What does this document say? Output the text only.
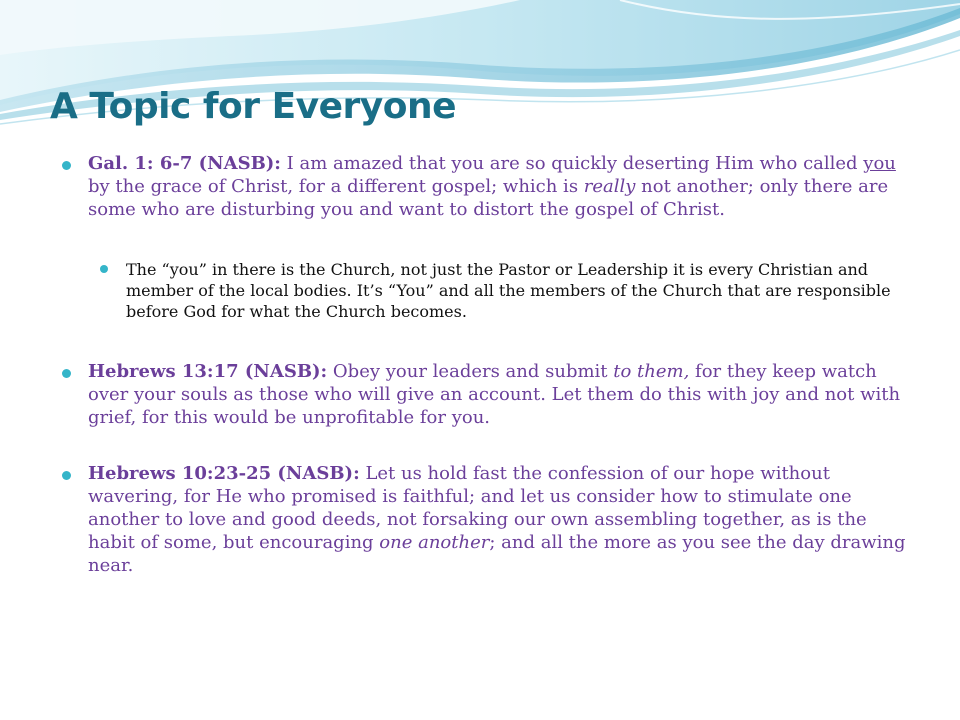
A Topic for Everyone
Gal. 1: 6-7 (NASB): I am amazed that you are so quickly deserting Him who called you by the grace of Christ, for a different gospel; which is really not another; only there are some who are disturbing you and want to distort the gospel of Christ.
The “you” in there is the Church, not just the Pastor or Leadership it is every Christian and member of the local bodies. It’s “You” and all the members of the Church that are responsible before God for what the Church becomes.
Hebrews 13:17 (NASB): Obey your leaders and submit to them, for they keep watch over your souls as those who will give an account. Let them do this with joy and not with grief, for this would be unprofitable for you.
Hebrews 10:23-25 (NASB): Let us hold fast the confession of our hope without wavering, for He who promised is faithful; and let us consider how to stimulate one another to love and good deeds, not forsaking our own assembling together, as is the habit of some, but encouraging one another; and all the more as you see the day drawing near.
